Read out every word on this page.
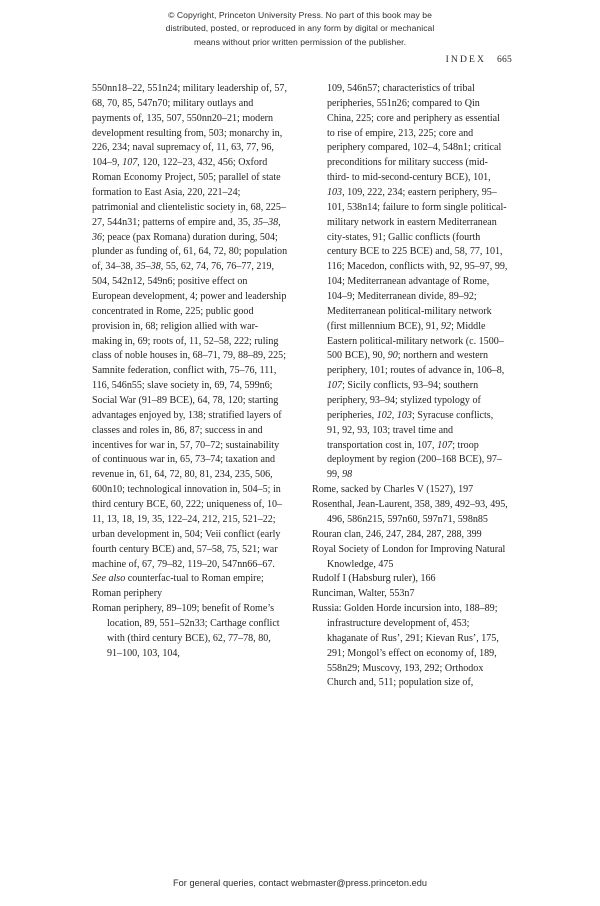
© Copyright, Princeton University Press. No part of this book may be
distributed, posted, or reproduced in any form by digital or mechanical
means without prior written permission of the publisher.
INDEX 665

550nn18–22, 551n24; military leadership of, 57, 68, 70, 85, 547n70; military outlays and payments of, 135, 507, 550nn20–21; modern development resulting from, 503; monarchy in, 226, 234; naval supremacy of, 11, 63, 77, 96, 104–9, 107, 120, 122–23, 432, 456; Oxford Roman Economy Project, 505; parallel of state formation to East Asia, 220, 221–24; patrimonial and clientelistic society in, 68, 225–27, 544n31; patterns of empire and, 35, 35–38, 36; peace (pax Romana) duration during, 504; plunder as funding of, 61, 64, 72, 80; population of, 34–38, 35–38, 55, 62, 74, 76, 76–77, 219, 504, 542n12, 549n6; positive effect on European development, 4; power and leadership concentrated in Rome, 225; public good provision in, 68; religion allied with war-making in, 69; roots of, 11, 52–58, 222; ruling class of noble houses in, 68–71, 79, 88–89, 225; Samnite federation, conflict with, 75–76, 111, 116, 546n55; slave society in, 69, 74, 599n6; Social War (91–89 BCE), 64, 78, 120; starting advantages enjoyed by, 138; stratified layers of classes and roles in, 86, 87; success in and incentives for war in, 57, 70–72; sustainability of continuous war in, 65, 73–74; taxation and revenue in, 61, 64, 72, 80, 81, 234, 235, 506, 600n10; technological innovation in, 504–5; in third century BCE, 60, 222; uniqueness of, 10–11, 13, 18, 19, 35, 122–24, 212, 215, 521–22; urban development in, 504; Veii conflict (early fourth century BCE) and, 57–58, 75, 521; war machine of, 67, 79–82, 119–20, 547nn66–67. See also counterfac-tual to Roman empire; Roman periphery

Roman periphery, 89–109; benefit of Rome’s location, 89, 551–52n33; Carthage conflict with (third century BCE), 62, 77–78, 80, 91–100, 103, 104,

109, 546n57; characteristics of tribal peripheries, 551n26; compared to Qin China, 225; core and periphery as essential to rise of empire, 213, 225; core and periphery compared, 102–4, 548n1; critical preconditions for military success (mid-third- to mid-second-century BCE), 101, 103, 109, 222, 234; eastern periphery, 95–101, 538n14; failure to form single political-military network in eastern Mediterranean city-states, 91; Gallic conflicts (fourth century BCE to 225 BCE) and, 58, 77, 101, 116; Macedon, conflicts with, 92, 95–97, 99, 104; Mediterranean advantage of Rome, 104–9; Mediterranean divide, 89–92; Mediterranean political-military network (first millennium BCE), 91, 92; Middle Eastern political-military network (c. 1500–500 BCE), 90, 90; northern and western periphery, 101; routes of advance in, 106–8, 107; Sicily conflicts, 93–94; southern periphery, 93–94; stylized typology of peripheries, 102, 103; Syracuse conflicts, 91, 92, 93, 103; travel time and transportation cost in, 107, 107; troop deployment by region (200–168 BCE), 97–99, 98

Rome, sacked by Charles V (1527), 197

Rosenthal, Jean-Laurent, 358, 389, 492–93, 495, 496, 586n215, 597n60, 597n71, 598n85

Rouran clan, 246, 247, 284, 287, 288, 399

Royal Society of London for Improving Natural Knowledge, 475

Rudolf I (Habsburg ruler), 166

Runciman, Walter, 553n7

Russia: Golden Horde incursion into, 188–89; infrastructure development of, 453; khaganate of Rus’, 291; Kievan Rus’, 175, 291; Mongol’s effect on economy of, 189, 558n29; Muscovy, 193, 292; Orthodox Church and, 511; population size of,

For general queries, contact webmaster@press.princeton.edu
